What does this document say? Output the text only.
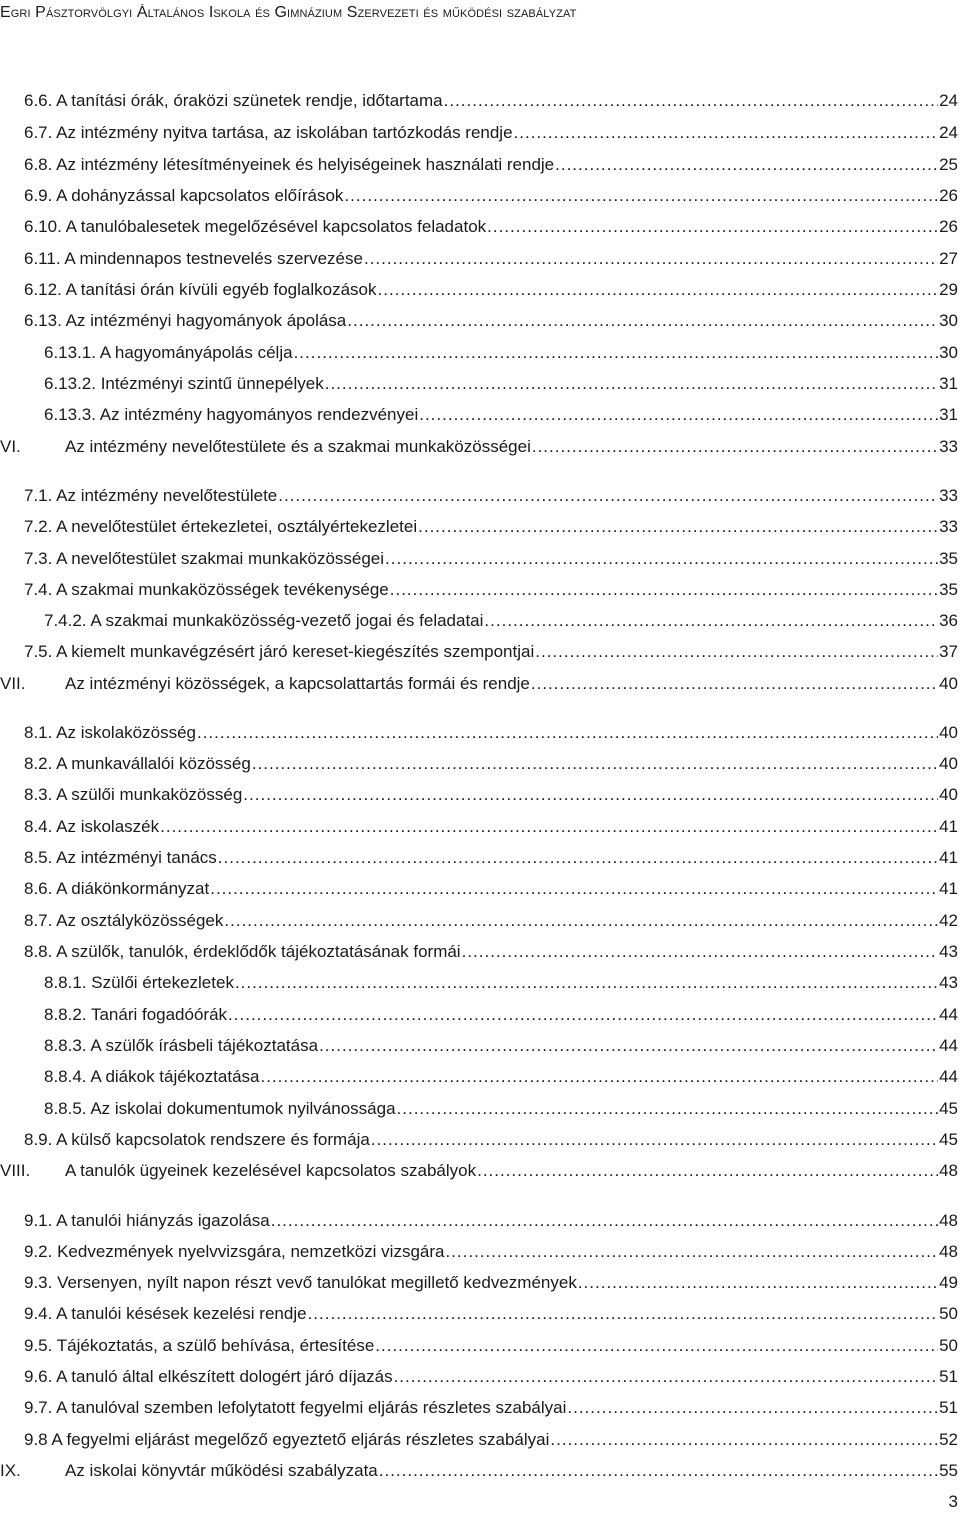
Egri Pásztorvölgyi Általános Iskola és Gimnázium Szervezeti és működési szabályzat
6.6. A tanítási órák, óraközi szünetek rendje, időtartama .....	24
6.7. Az intézmény nyitva tartása, az iskolában tartózkodás rendje .....	24
6.8. Az intézmény létesítményeinek és helyiségeinek használati rendje .....	25
6.9. A dohányzással kapcsolatos előírások .....	26
6.10. A tanulóbalesetek megelőzésével kapcsolatos feladatok .....	26
6.11. A mindennapos testnevelés szervezése .....	27
6.12. A tanítási órán kívüli egyéb foglalkozások .....	29
6.13. Az intézményi hagyományok ápolása .....	30
6.13.1. A hagyományápolás célja .....	30
6.13.2. Intézményi szintű ünnepélyek .....	31
6.13.3. Az intézmény hagyományos rendezvényei .....	31
VI.	Az intézmény nevelőtestülete és a szakmai munkaközösségei .....	33
7.1. Az intézmény nevelőtestülete .....	33
7.2. A nevelőtestület értekezletei, osztályértekezletei .....	33
7.3. A nevelőtestület szakmai munkaközösségei .....	35
7.4. A szakmai munkaközösségek tevékenysége .....	35
7.4.2. A szakmai munkaközösség-vezető jogai és feladatai .....	36
7.5. A kiemelt munkavégzésért járó kereset-kiegészítés szempontjai .....	37
VII. Az intézményi közösségek, a kapcsolattartás formái és rendje .....	40
8.1. Az iskolaközösség .....	40
8.2. A munkavállalói közösség .....	40
8.3. A szülői munkaközösség .....	40
8.4. Az iskolaszék .....	41
8.5. Az intézményi tanács .....	41
8.6. A diákönkormányzat .....	41
8.7. Az osztályközösségek .....	42
8.8. A szülők, tanulók, érdeklődők tájékoztatásának formái .....	43
8.8.1. Szülői értekezletek .....	43
8.8.2. Tanári fogadóórák .....	44
8.8.3. A szülők írásbeli tájékoztatása .....	44
8.8.4. A diákok tájékoztatása .....	44
8.8.5. Az iskolai dokumentumok nyilvánossága .....	45
8.9. A külső kapcsolatok rendszere és formája .....	45
VIII. A tanulók ügyeinek kezelésével kapcsolatos szabályok .....	48
9.1. A tanulói hiányzás igazolása .....	48
9.2. Kedvezmények nyelvvizsgára, nemzetközi vizsgára .....	48
9.3. Versenyen, nyílt napon részt vevő tanulókat megillető kedvezmények .....	49
9.4. A tanulói késések kezelési rendje .....	50
9.5. Tájékoztatás, a szülő behívása, értesítése .....	50
9.6. A tanuló által elkészített dologért járó díjazás .....	51
9.7. A tanulóval szemben lefolytatott fegyelmi eljárás részletes szabályai .....	51
9.8 A fegyelmi eljárást megelőző egyeztető eljárás részletes szabályai .....	52
IX.	Az iskolai könyvtár működési szabályzata .....	55
3
